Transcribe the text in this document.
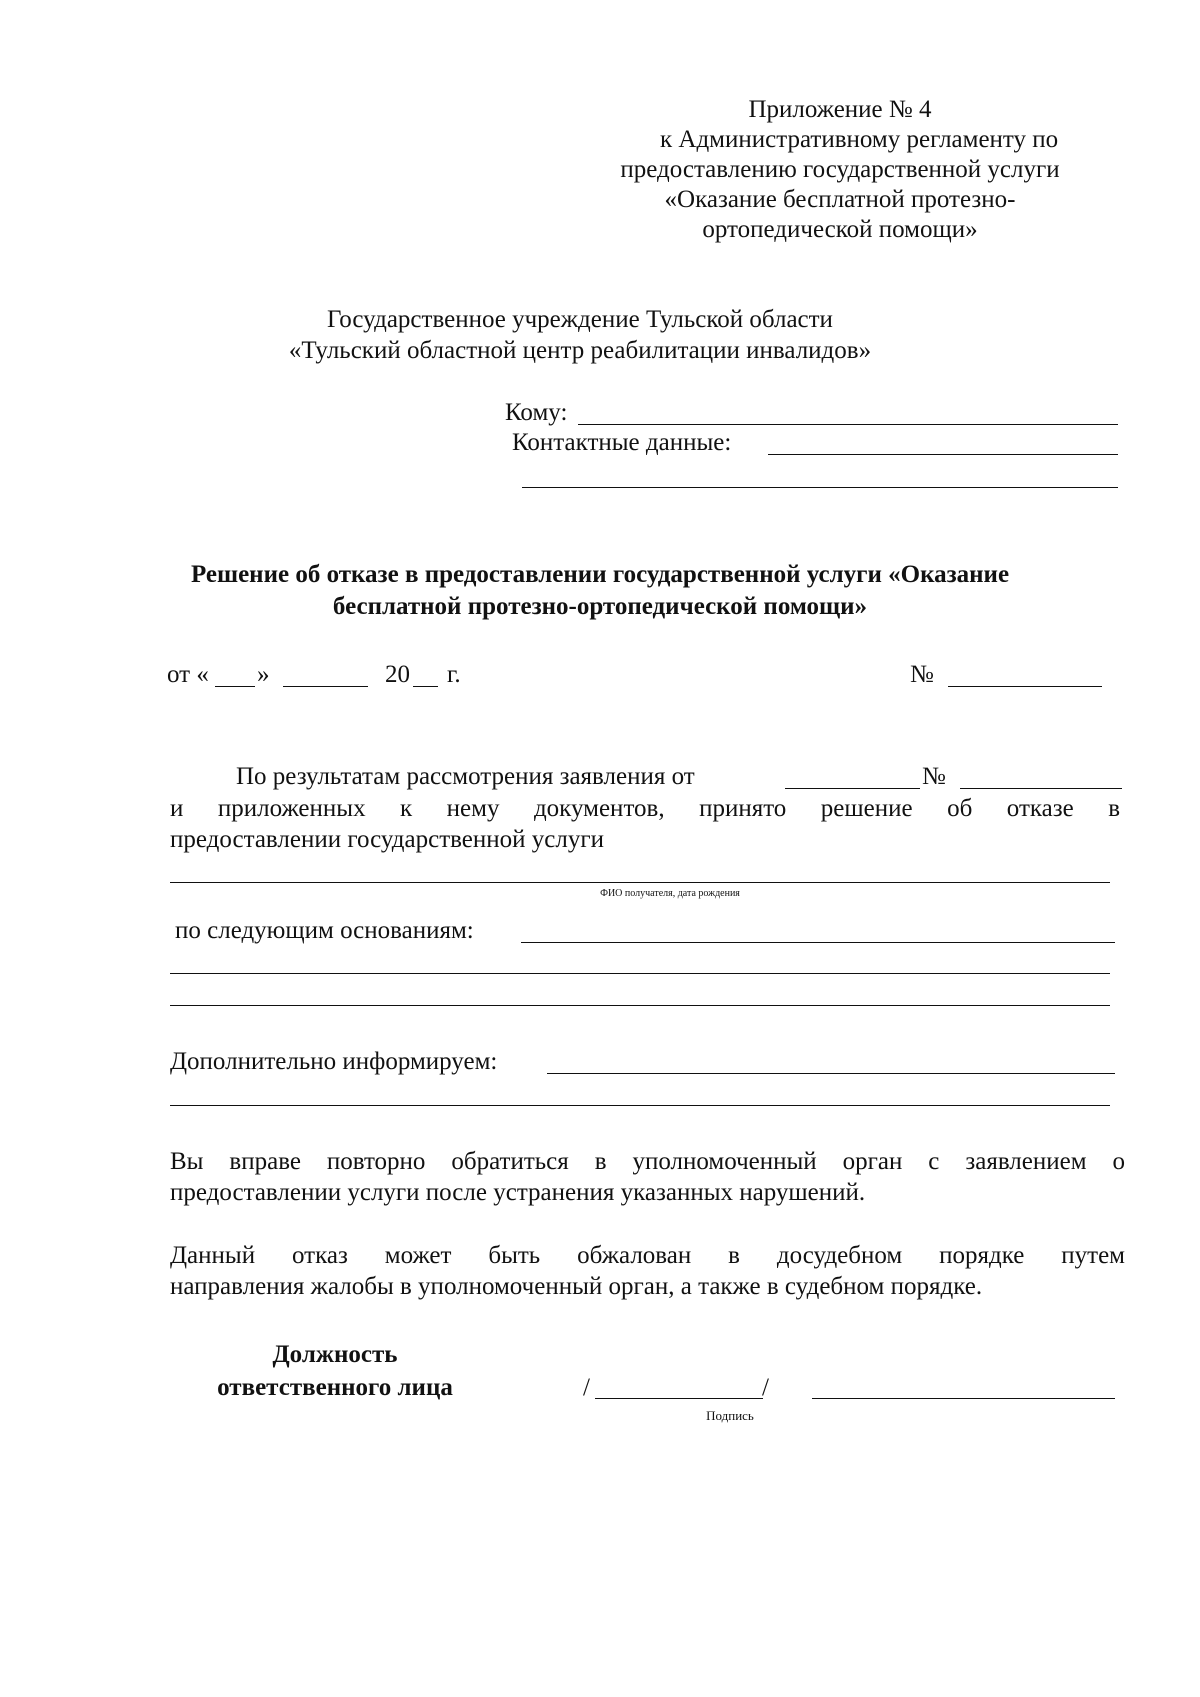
Приложение № 4
к Административному регламенту по
предоставлению государственной услуги
«Оказание бесплатной протезно-
ортопедической помощи»
Государственное учреждение Тульской области
«Тульский областной центр реабилитации инвалидов»
Кому:
Контактные данные:
Решение об отказе в предоставлении государственной услуги «Оказание
бесплатной протезно-ортопедической помощи»
от « »	20 г.	№
По результатам рассмотрения заявления от	№
и приложенных к нему документов, принято решение об отказе в
предоставлении государственной услуги
ФИО получателя, дата рождения
по следующим основаниям:
Дополнительно информируем:
Вы вправе повторно обратиться в уполномоченный орган с заявлением о
предоставлении услуги после устранения указанных нарушений.
Данный отказ может быть обжалован в досудебном порядке путем
направления жалобы в уполномоченный орган, а также в судебном порядке.
Должность
ответственного лица	/	/
Подпись
